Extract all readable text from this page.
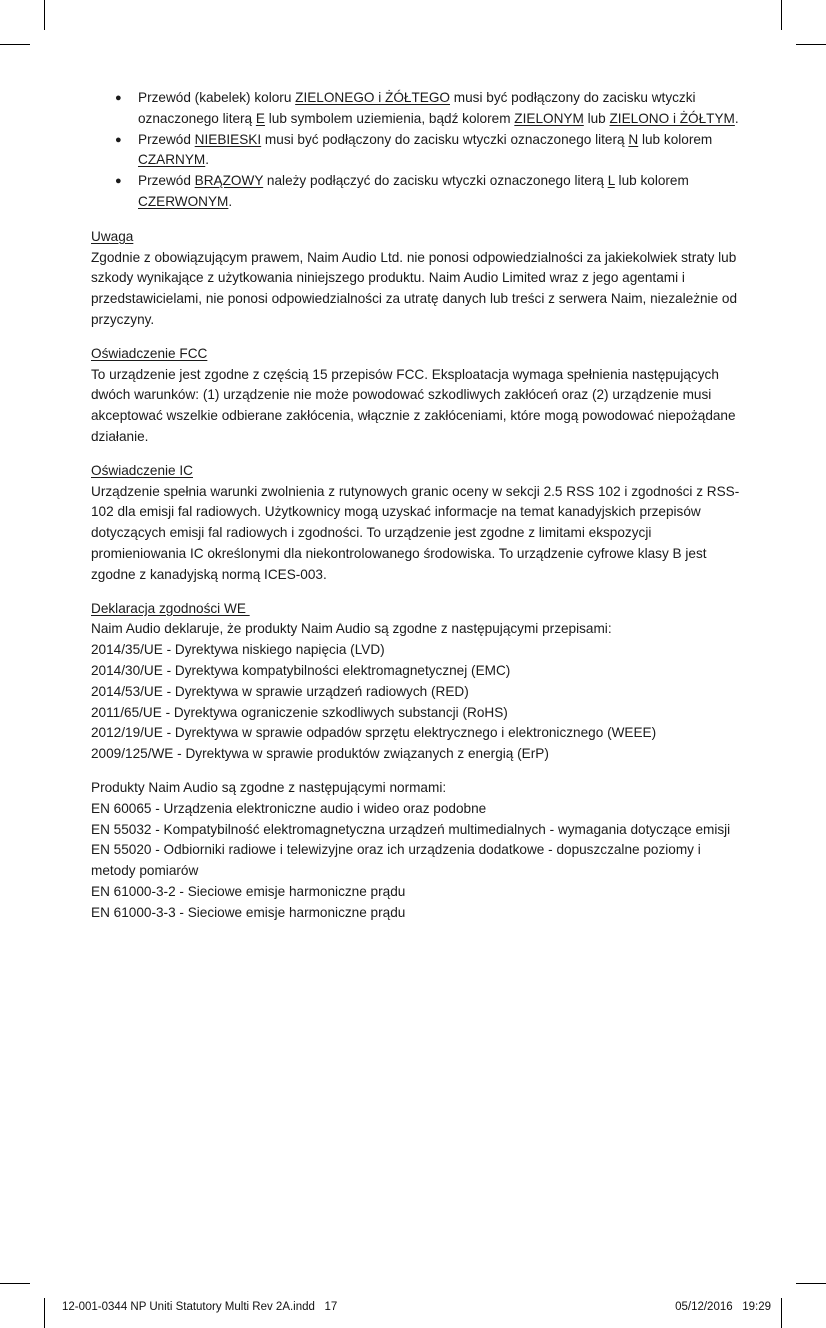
● Przewód (kabelek) koloru ZIELONEGO i ŻÓŁTEGO musi być podłączony do zacisku wtyczki oznaczonego literą E lub symbolem uziemienia, bądź kolorem ZIELONYM lub ZIELONO i ŻÓŁTYM.
● Przewód NIEBIESKI musi być podłączony do zacisku wtyczki oznaczonego literą N lub kolorem CZARNYM.
● Przewód BRĄZOWY należy podłączyć do zacisku wtyczki oznaczonego literą L lub kolorem CZERWONYM.
Uwaga

Zgodnie z obowiązującym prawem, Naim Audio Ltd. nie ponosi odpowiedzialności za jakiekolwiek straty lub szkody wynikające z użytkowania niniejszego produktu. Naim Audio Limited wraz z jego agentami i przedstawicielami, nie ponosi odpowiedzialności za utratę danych lub treści z serwera Naim, niezależnie od przyczyny.

Oświadczenie FCC

To urządzenie jest zgodne z częścią 15 przepisów FCC. Eksploatacja wymaga spełnienia następujących dwóch warunków: (1) urządzenie nie może powodować szkodliwych zakłóceń oraz (2) urządzenie musi akceptować wszelkie odbierane zakłócenia, włącznie z zakłóceniami, które mogą powodować niepożądane działanie.

Oświadczenie IC

Urządzenie spełnia warunki zwolnienia z rutynowych granic oceny w sekcji 2.5 RSS 102 i zgodności z RSS-102 dla emisji fal radiowych. Użytkownicy mogą uzyskać informacje na temat kanadyjskich przepisów dotyczących emisji fal radiowych i zgodności. To urządzenie jest zgodne z limitami ekspozycji promieniowania IC określonymi dla niekontrolowanego środowiska. To urządzenie cyfrowe klasy B jest zgodne z kanadyjską normą ICES-003.

Deklaracja zgodności WE
Naim Audio deklaruje, że produkty Naim Audio są zgodne z następującymi przepisami:
2014/35/UE - Dyrektywa niskiego napięcia (LVD)
2014/30/UE - Dyrektywa kompatybilności elektromagnetycznej (EMC)
2014/53/UE - Dyrektywa w sprawie urządzeń radiowych (RED)
2011/65/UE - Dyrektywa ograniczenie szkodliwych substancji (RoHS)
2012/19/UE - Dyrektywa w sprawie odpadów sprzętu elektrycznego i elektronicznego (WEEE)
2009/125/WE - Dyrektywa w sprawie produktów związanych z energią (ErP)
Produkty Naim Audio są zgodne z następującymi normami:
EN 60065 - Urządzenia elektroniczne audio i wideo oraz podobne
EN 55032 - Kompatybilność elektromagnetyczna urządzeń multimedialnych - wymagania dotyczące emisji
EN 55020 - Odbiorniki radiowe i telewizyjne oraz ich urządzenia dodatkowe - dopuszczalne poziomy i metody pomiarów
EN 61000-3-2 - Sieciowe emisje harmoniczne prądu
EN 61000-3-3 - Sieciowe emisje harmoniczne prądu
12-001-0344 NP Uniti Statutory Multi Rev 2A.indd   17	05/12/2016   19:29
